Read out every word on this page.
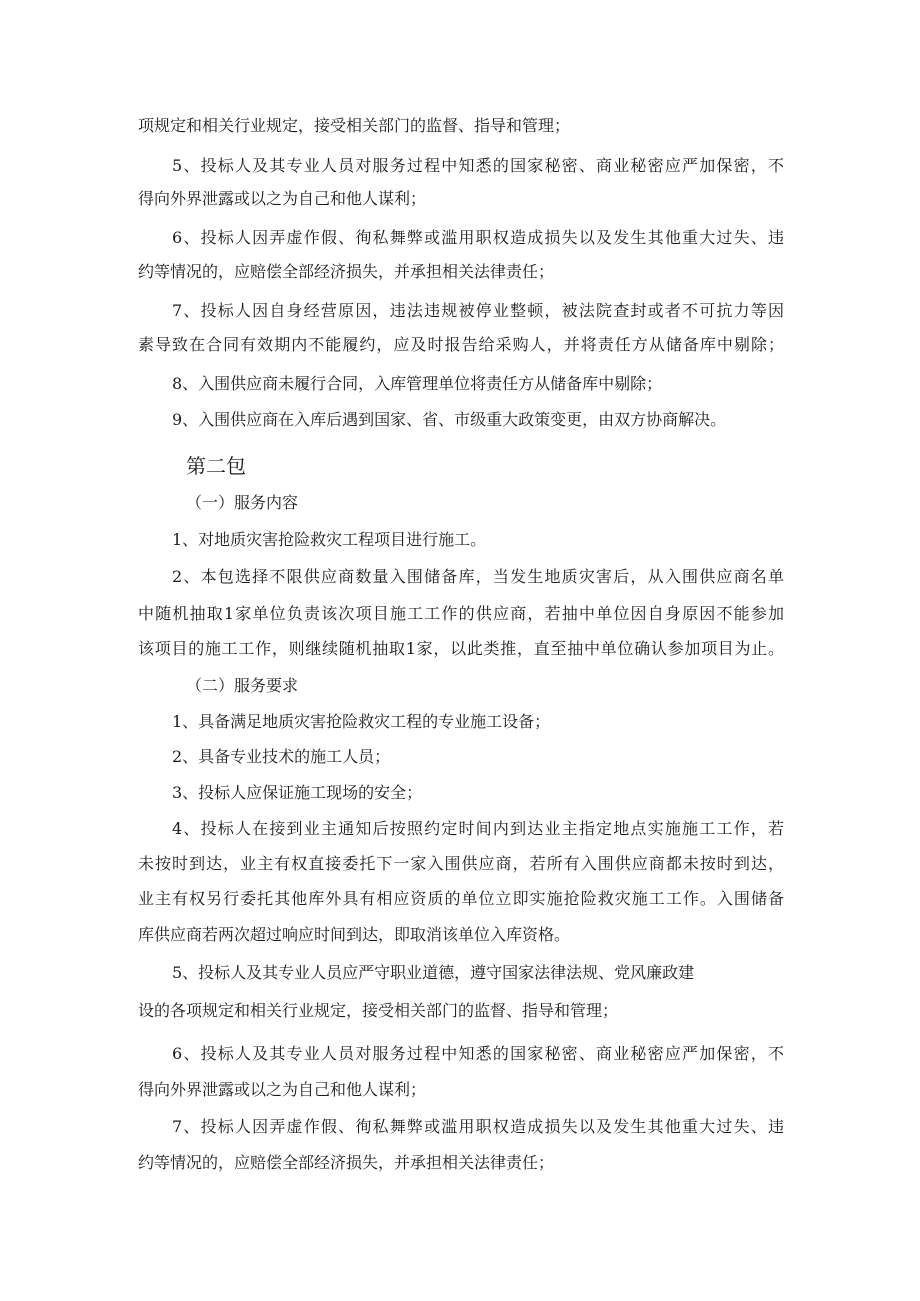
项规定和相关行业规定，接受相关部门的监督、指导和管理；
5、投标人及其专业人员对服务过程中知悉的国家秘密、商业秘密应严加保密，不
得向外界泄露或以之为自己和他人谋利；
6、投标人因弄虚作假、徇私舞弊或滥用职权造成损失以及发生其他重大过失、违
约等情况的，应赔偿全部经济损失，并承担相关法律责任；
7、投标人因自身经营原因，违法违规被停业整顿，被法院查封或者不可抗力等因
素导致在合同有效期内不能履约，应及时报告给采购人，并将责任方从储备库中剔除；
8、入围供应商未履行合同，入库管理单位将责任方从储备库中剔除；
9、入围供应商在入库后遇到国家、省、市级重大政策变更，由双方协商解决。
第二包
（一）服务内容
1、对地质灾害抢险救灾工程项目进行施工。
2、本包选择不限供应商数量入围储备库，当发生地质灾害后，从入围供应商名单
中随机抽取1家单位负责该次项目施工工作的供应商，若抽中单位因自身原因不能参加
该项目的施工工作，则继续随机抽取1家，以此类推，直至抽中单位确认参加项目为止。
（二）服务要求
1、具备满足地质灾害抢险救灾工程的专业施工设备；
2、具备专业技术的施工人员；
3、投标人应保证施工现场的安全；
4、投标人在接到业主通知后按照约定时间内到达业主指定地点实施施工工作，若
未按时到达，业主有权直接委托下一家入围供应商，若所有入围供应商都未按时到达，
业主有权另行委托其他库外具有相应资质的单位立即实施抢险救灾施工工作。入围储备
库供应商若两次超过响应时间到达，即取消该单位入库资格。
5、投标人及其专业人员应严守职业道德，遵守国家法律法规、党风廉政建
设的各项规定和相关行业规定，接受相关部门的监督、指导和管理；
6、投标人及其专业人员对服务过程中知悉的国家秘密、商业秘密应严加保密，不
得向外界泄露或以之为自己和他人谋利；
7、投标人因弄虚作假、徇私舞弊或滥用职权造成损失以及发生其他重大过失、违
约等情况的，应赔偿全部经济损失，并承担相关法律责任；
